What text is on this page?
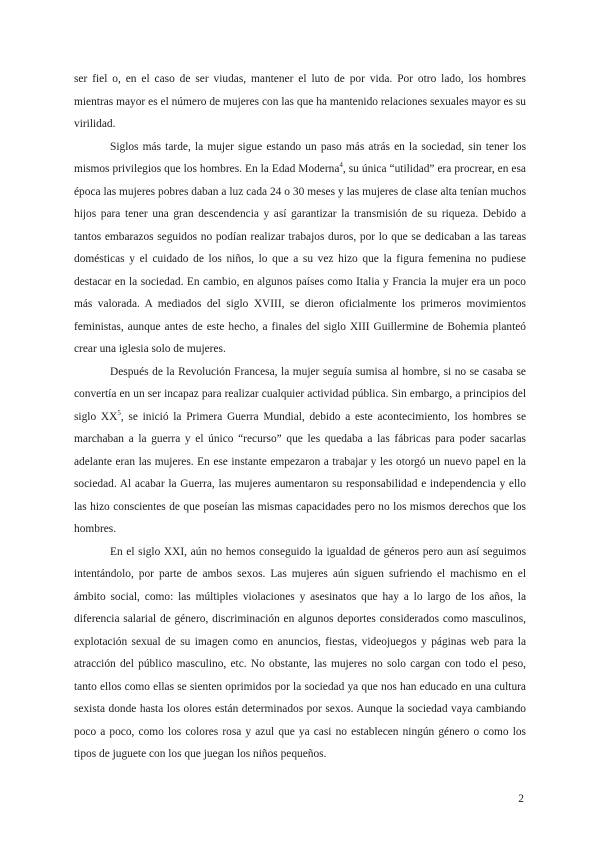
ser fiel o, en el caso de ser viudas, mantener el luto de por vida. Por otro lado, los hombres mientras mayor es el número de mujeres con las que ha mantenido relaciones sexuales mayor es su virilidad.

Siglos más tarde, la mujer sigue estando un paso más atrás en la sociedad, sin tener los mismos privilegios que los hombres. En la Edad Moderna$^4$, su única “utilidad” era procrear, en esa época las mujeres pobres daban a luz cada 24 o 30 meses y las mujeres de clase alta tenían muchos hijos para tener una gran descendencia y así garantizar la transmisión de su riqueza. Debido a tantos embarazos seguidos no podían realizar trabajos duros, por lo que se dedicaban a las tareas domésticas y el cuidado de los niños, lo que a su vez hizo que la figura femenina no pudiese destacar en la sociedad. En cambio, en algunos países como Italia y Francia la mujer era un poco más valorada. A mediados del siglo XVIII, se dieron oficialmente los primeros movimientos feministas, aunque antes de este hecho, a finales del siglo XIII Guillermine de Bohemia planteó crear una iglesia solo de mujeres.

Después de la Revolución Francesa, la mujer seguía sumisa al hombre, si no se casaba se convertía en un ser incapaz para realizar cualquier actividad pública. Sin embargo, a principios del siglo $XX^5$, se inició la Primera Guerra Mundial, debido a este acontecimiento, los hombres se marchaban a la guerra y el único “recurso” que les quedaba a las fábricas para poder sacarlas adelante eran las mujeres. En ese instante empezaron a trabajar y les otorgó un nuevo papel en la sociedad. Al acabar la Guerra, las mujeres aumentaron su responsabilidad e independencia y ello las hizo conscientes de que poseían las mismas capacidades pero no los mismos derechos que los hombres.

En el siglo XXI, aún no hemos conseguido la igualdad de géneros pero aun así seguimos intentándolo, por parte de ambos sexos. Las mujeres aún siguen sufriendo el machismo en el ámbito social, como: las múltiples violaciones y asesinatos que hay a lo largo de los años, la diferencia salarial de género, discriminación en algunos deportes considerados como masculinos, explotación sexual de su imagen como en anuncios, fiestas, videojuegos y páginas web para la atracción del público masculino, etc. No obstante, las mujeres no solo cargan con todo el peso, tanto ellos como ellas se sienten oprimidos por la sociedad ya que nos han educado en una cultura sexista donde hasta los olores están determinados por sexos. Aunque la sociedad vaya cambiando poco a poco, como los colores rosa y azul que ya casi no establecen ningún género o como los tipos de juguete con los que juegan los niños pequeños.

2
